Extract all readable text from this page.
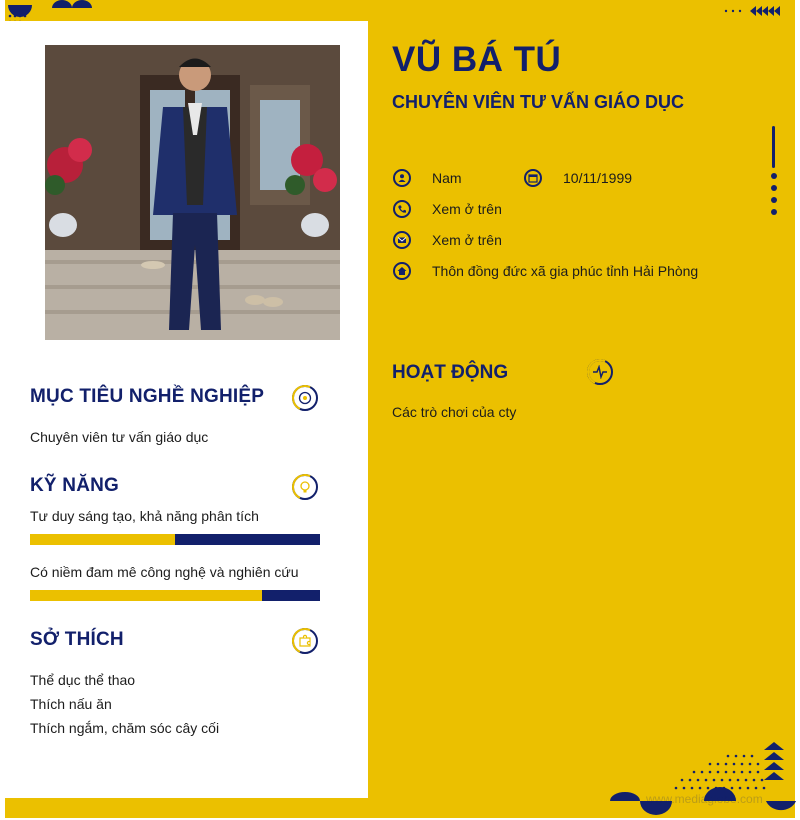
MỤC TIÊU NGHỀ NGHIỆP
Chuyên viên tư vấn giáo dục
KỸ NĂNG
Tư duy sáng tạo, khả năng phân tích
Có niềm đam mê công nghệ và nghiên cứu
SỞ THÍCH
Thể dục thể thao
Thích nấu ăn
Thích ngắm, chăm sóc cây cối
VŨ BÁ TÚ
CHUYÊN VIÊN TƯ VẤN GIÁO DỤC
Nam	10/11/1999
Xem ở trên
Xem ở trên
Thôn đồng đức xã gia phúc tỉnh Hải Phòng
HOẠT ĐỘNG
Các trò chơi của cty
www.mediaglobe.com
